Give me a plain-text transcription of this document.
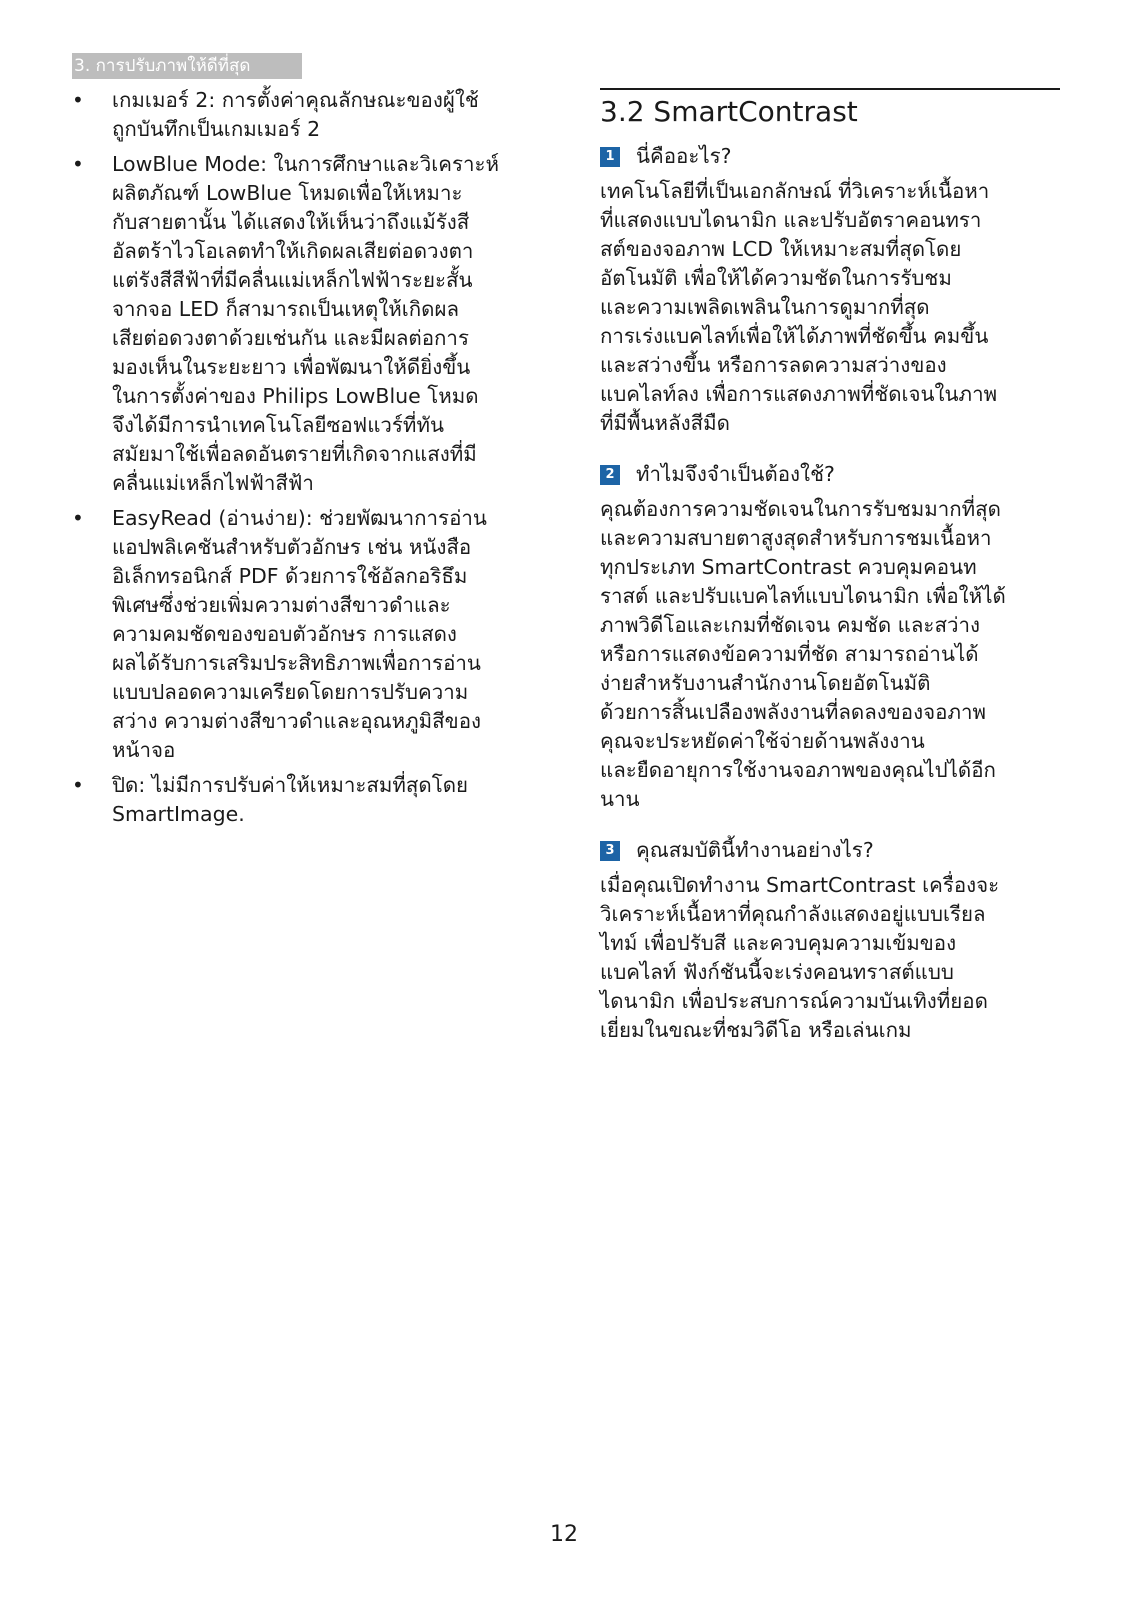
3. การปรับภาพให้ดีที่สุด
• เกมเมอร์ 2: การตั้งค่าคุณลักษณะของผู้ใช้
ถูกบันทึกเป็นเกมเมอร์ 2
• LowBlue Mode: ในการศึกษาและวิเคราะห์
ผลิตภัณฑ์ LowBlue โหมดเพื่อให้เหมาะ
กับสายตานั้น ได้แสดงให้เห็นว่าถึงแม้รังสี
อัลตร้าไวโอเลตทำให้เกิดผลเสียต่อดวงตา
แต่รังสีสีฟ้าที่มีคลื่นแม่เหล็กไฟฟ้าระยะสั้น
จากจอ LED ก็สามารถเป็นเหตุให้เกิดผล
เสียต่อดวงตาด้วยเช่นกัน และมีผลต่อการ
มองเห็นในระยะยาว เพื่อพัฒนาให้ดียิ่งขึ้น
ในการตั้งค่าของ Philips LowBlue โหมด
จึงได้มีการนำเทคโนโลยีซอฟแวร์ที่ทัน
สมัยมาใช้เพื่อลดอันตรายที่เกิดจากแสงที่มี
คลื่นแม่เหล็กไฟฟ้าสีฟ้า
• EasyRead (อ่านง่าย): ช่วยพัฒนาการอ่าน
แอปพลิเคชันสำหรับตัวอักษร เช่น หนังสือ
อิเล็กทรอนิกส์ PDF ด้วยการใช้อัลกอริธึม
พิเศษซึ่งช่วยเพิ่มความต่างสีขาวดำและ
ความคมชัดของขอบตัวอักษร การแสดง
ผลได้รับการเสริมประสิทธิภาพเพื่อการอ่าน
แบบปลอดความเครียดโดยการปรับความ
สว่าง ความต่างสีขาวดำและอุณหภูมิสีของ
หน้าจอ
• ปิด: ไม่มีการปรับค่าให้เหมาะสมที่สุดโดย
SmartImage.
3.2 SmartContrast
1 นี่คืออะไร?
เทคโนโลยีที่เป็นเอกลักษณ์ ที่วิเคราะห์เนื้อหา
ที่แสดงแบบไดนามิก และปรับอัตราคอนทรา
สต์ของจอภาพ LCD ให้เหมาะสมที่สุดโดย
อัตโนมัติ เพื่อให้ได้ความชัดในการรับชม
และความเพลิดเพลินในการดูมากที่สุด
การเร่งแบคไลท์เพื่อให้ได้ภาพที่ชัดขึ้น คมขึ้น
และสว่างขึ้น หรือการลดความสว่างของ
แบคไลท์ลง เพื่อการแสดงภาพที่ชัดเจนในภาพ
ที่มีพื้นหลังสีมืด
2 ทำไมจึงจำเป็นต้องใช้?
คุณต้องการความชัดเจนในการรับชมมากที่สุด
และความสบายตาสูงสุดสำหรับการชมเนื้อหา
ทุกประเภท SmartContrast ควบคุมคอนท
ราสต์ และปรับแบคไลท์แบบไดนามิก เพื่อให้ได้
ภาพวิดีโอและเกมที่ชัดเจน คมชัด และสว่าง
หรือการแสดงข้อความที่ชัด สามารถอ่านได้
ง่ายสำหรับงานสำนักงานโดยอัตโนมัติ
ด้วยการสิ้นเปลืองพลังงานที่ลดลงของจอภาพ
คุณจะประหยัดค่าใช้จ่ายด้านพลังงาน
และยืดอายุการใช้งานจอภาพของคุณไปได้อีก
นาน
3 คุณสมบัตินี้ทำงานอย่างไร?
เมื่อคุณเปิดทำงาน SmartContrast เครื่องจะ
วิเคราะห์เนื้อหาที่คุณกำลังแสดงอยู่แบบเรียล
ไทม์ เพื่อปรับสี และควบคุมความเข้มของ
แบคไลท์ ฟังก์ชันนี้จะเร่งคอนทราสต์แบบ
ไดนามิก เพื่อประสบการณ์ความบันเทิงที่ยอด
เยี่ยมในขณะที่ชมวิดีโอ หรือเล่นเกม
12
